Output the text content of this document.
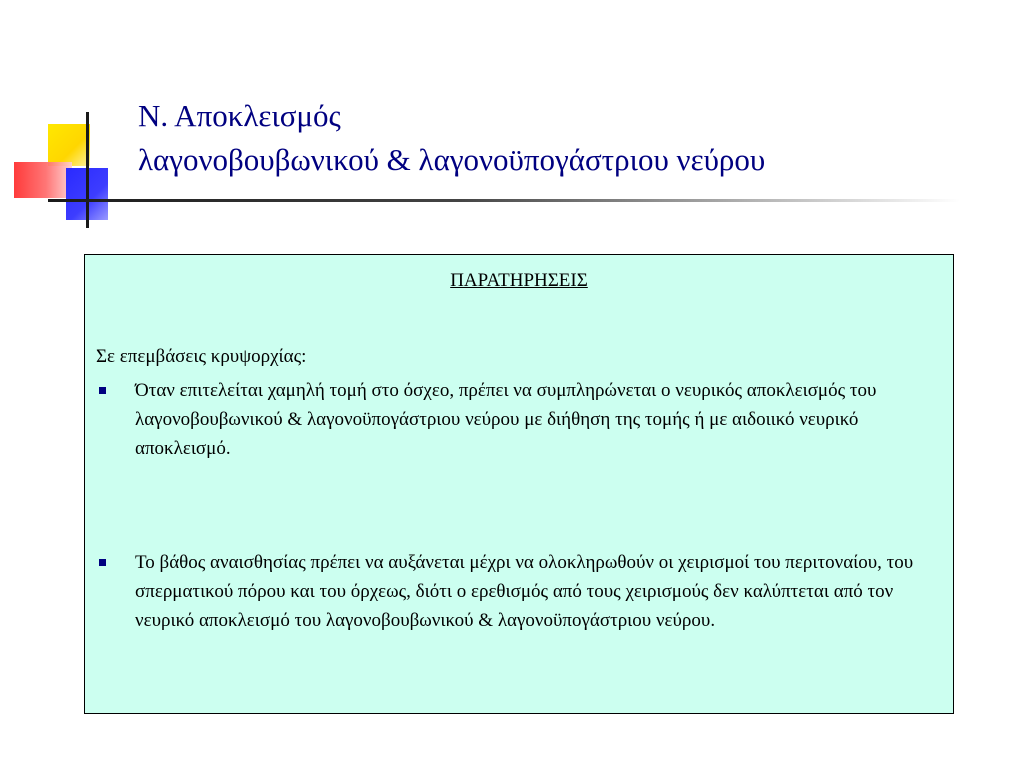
Ν. Αποκλεισμός
λαγονοβουβωνικού & λαγονοϋπογάστριου νεύρου
ΠΑΡΑΤΗΡΗΣΕΙΣ
Σε επεμβάσεις κρυψορχίας:
Όταν επιτελείται χαμηλή τομή στο όσχεο, πρέπει να συμπληρώνεται ο νευρικός αποκλεισμός του λαγονοβουβωνικού & λαγονοϋπογάστριου νεύρου με διήθηση της τομής ή με αιδοιικό νευρικό αποκλεισμό.
Το βάθος αναισθησίας πρέπει να αυξάνεται μέχρι να ολοκληρωθούν οι χειρισμοί του περιτοναίου, του σπερματικού πόρου και του όρχεως, διότι ο ερεθισμός από τους χειρισμούς δεν καλύπτεται από τον νευρικό αποκλεισμό του λαγονοβουβωνικού & λαγονοϋπογάστριου νεύρου.
